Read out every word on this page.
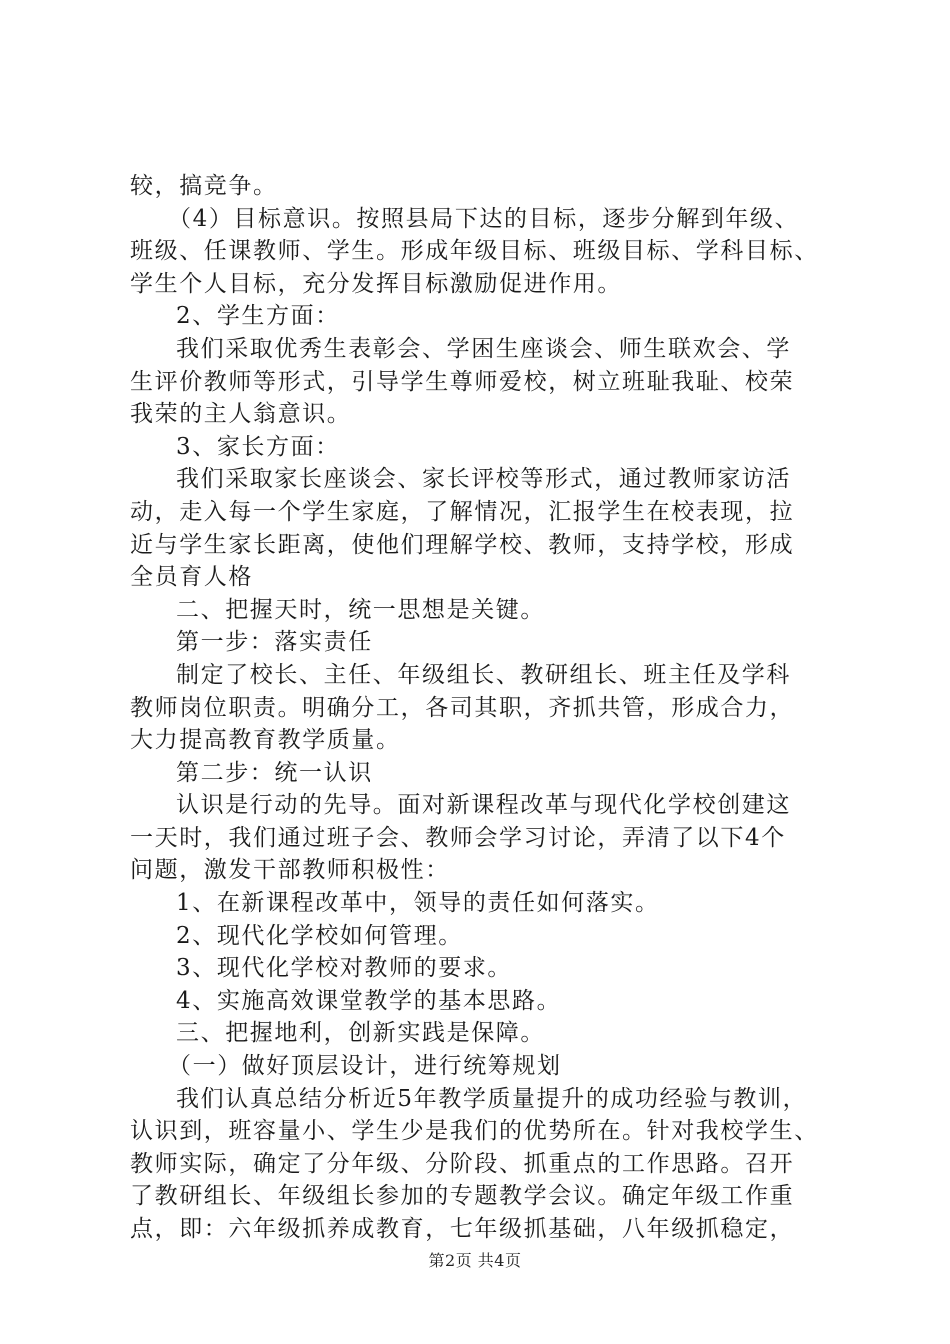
较，搞竞争。
（4）目标意识。按照县局下达的目标，逐步分解到年级、
班级、任课教师、学生。形成年级目标、班级目标、学科目标、
学生个人目标，充分发挥目标激励促进作用。
2、学生方面：
我们采取优秀生表彰会、学困生座谈会、师生联欢会、学
生评价教师等形式，引导学生尊师爱校，树立班耻我耻、校荣
我荣的主人翁意识。
3、家长方面：
我们采取家长座谈会、家长评校等形式，通过教师家访活
动，走入每一个学生家庭，了解情况，汇报学生在校表现，拉
近与学生家长距离，使他们理解学校、教师，支持学校，形成
全员育人格
二、把握天时，统一思想是关键。
第一步：落实责任
制定了校长、主任、年级组长、教研组长、班主任及学科
教师岗位职责。明确分工，各司其职，齐抓共管，形成合力，
大力提高教育教学质量。
第二步：统一认识
认识是行动的先导。面对新课程改革与现代化学校创建这
一天时，我们通过班子会、教师会学习讨论，弄清了以下4个
问题，激发干部教师积极性：
1、在新课程改革中，领导的责任如何落实。
2、现代化学校如何管理。
3、现代化学校对教师的要求。
4、实施高效课堂教学的基本思路。
三、把握地利，创新实践是保障。
（一）做好顶层设计，进行统筹规划
我们认真总结分析近5年教学质量提升的成功经验与教训，
认识到，班容量小、学生少是我们的优势所在。针对我校学生、
教师实际，确定了分年级、分阶段、抓重点的工作思路。召开
了教研组长、年级组长参加的专题教学会议。确定年级工作重
点，即：六年级抓养成教育，七年级抓基础，八年级抓稳定，
第2页 共4页
